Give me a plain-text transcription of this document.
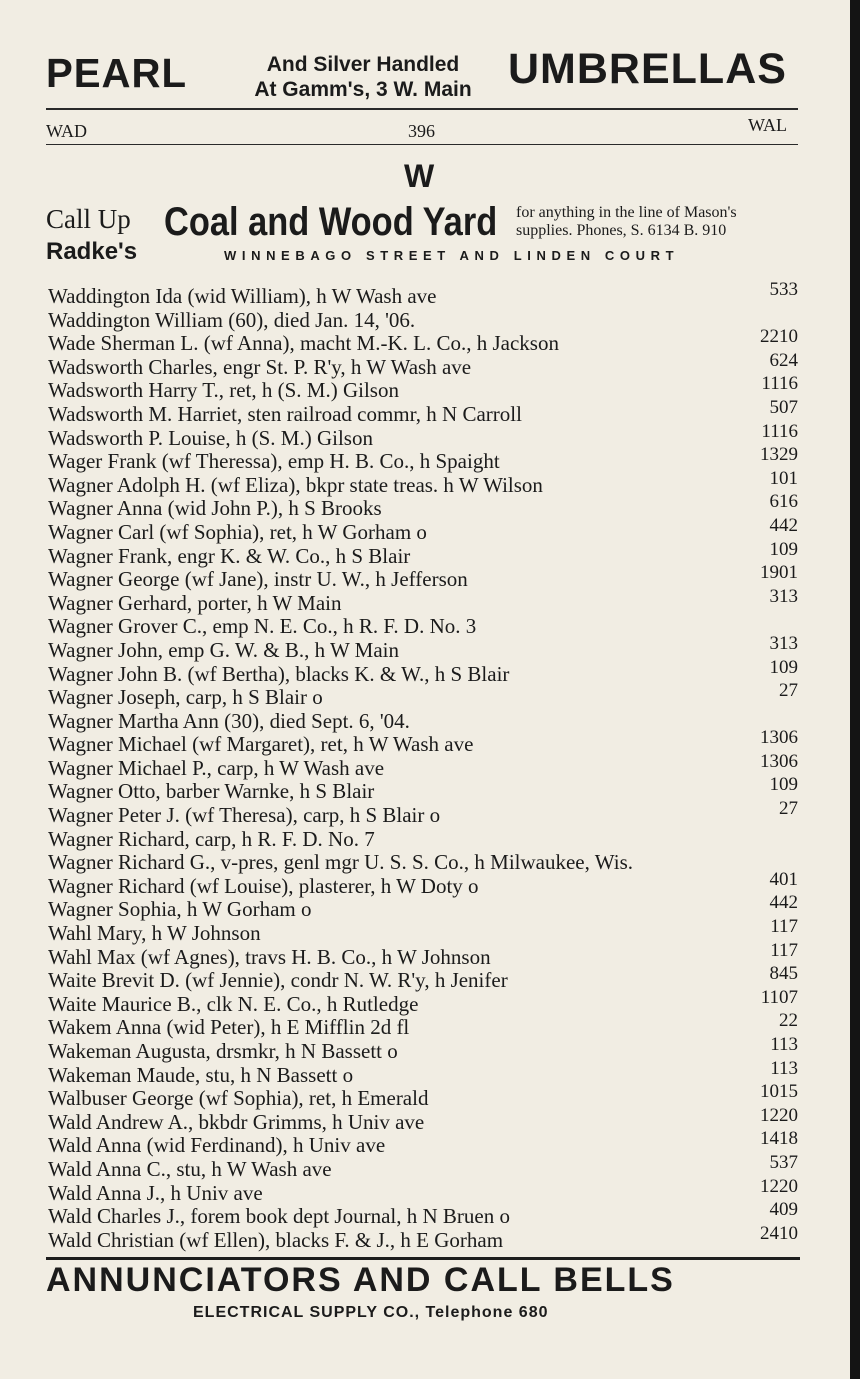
PEARL	And Silver Handled
At Gamm's, 3 W. Main UMBRELLAS
WAD	396	WAL
W
Call Up
Radke's
Coal and Wood Yard for anything in the line of Mason's
supplies. Phones, S. 6134 B. 910
WINNEBAGO STREET AND LINDEN COURT
Waddington Ida (wid William), h W Wash ave	533
Waddington William (60), died Jan. 14, '06.
Wade Sherman L. (wf Anna), macht M.-K. L. Co., h Jackson	2210
Wadsworth Charles, engr St. P. R'y, h W Wash ave	624
Wadsworth Harry T., ret, h (S. M.) Gilson	1116
Wadsworth M. Harriet, sten railroad commr, h N Carroll	507
Wadsworth P. Louise, h (S. M.) Gilson	1116
Wager Frank (wf Theressa), emp H. B. Co., h Spaight	1329
Wagner Adolph H. (wf Eliza), bkpr state treas. h W Wilson	101
Wagner Anna (wid John P.), h S Brooks	616
Wagner Carl (wf Sophia), ret, h W Gorham o	442
Wagner Frank, engr K. & W. Co., h S Blair	109
Wagner George (wf Jane), instr U. W., h Jefferson	1901
Wagner Gerhard, porter, h W Main	313
Wagner Grover C., emp N. E. Co., h R. F. D. No. 3
Wagner John, emp G. W. & B., h W Main	313
Wagner John B. (wf Bertha), blacks K. & W., h S Blair	109
Wagner Joseph, carp, h S Blair o	27
Wagner Martha Ann (30), died Sept. 6, '04.
Wagner Michael (wf Margaret), ret, h W Wash ave	1306
Wagner Michael P., carp, h W Wash ave	1306
Wagner Otto, barber Warnke, h S Blair	109
Wagner Peter J. (wf Theresa), carp, h S Blair o	27
Wagner Richard, carp, h R. F. D. No. 7
Wagner Richard G., v-pres, genl mgr U. S. S. Co., h Milwaukee, Wis.
Wagner Richard (wf Louise), plasterer, h W Doty o	401
Wagner Sophia, h W Gorham o	442
Wahl Mary, h W Johnson	117
Wahl Max (wf Agnes), travs H. B. Co., h W Johnson	117
Waite Brevit D. (wf Jennie), condr N. W. R'y, h Jenifer	845
Waite Maurice B., clk N. E. Co., h Rutledge	1107
Wakem Anna (wid Peter), h E Mifflin 2d fl	22
Wakeman Augusta, drsmkr, h N Bassett o	113
Wakeman Maude, stu, h N Bassett o	113
Walbuser George (wf Sophia), ret, h Emerald	1015
Wald Andrew A., bkbdr Grimms, h Univ ave	1220
Wald Anna (wid Ferdinand), h Univ ave	1418
Wald Anna C., stu, h W Wash ave	537
Wald Anna J., h Univ ave	1220
Wald Charles J., forem book dept Journal, h N Bruen o	409
Wald Christian (wf Ellen), blacks F. & J., h E Gorham	2410
ANNUNCIATORS AND CALL BELLS
ELECTRICAL SUPPLY CO., Telephone 680
